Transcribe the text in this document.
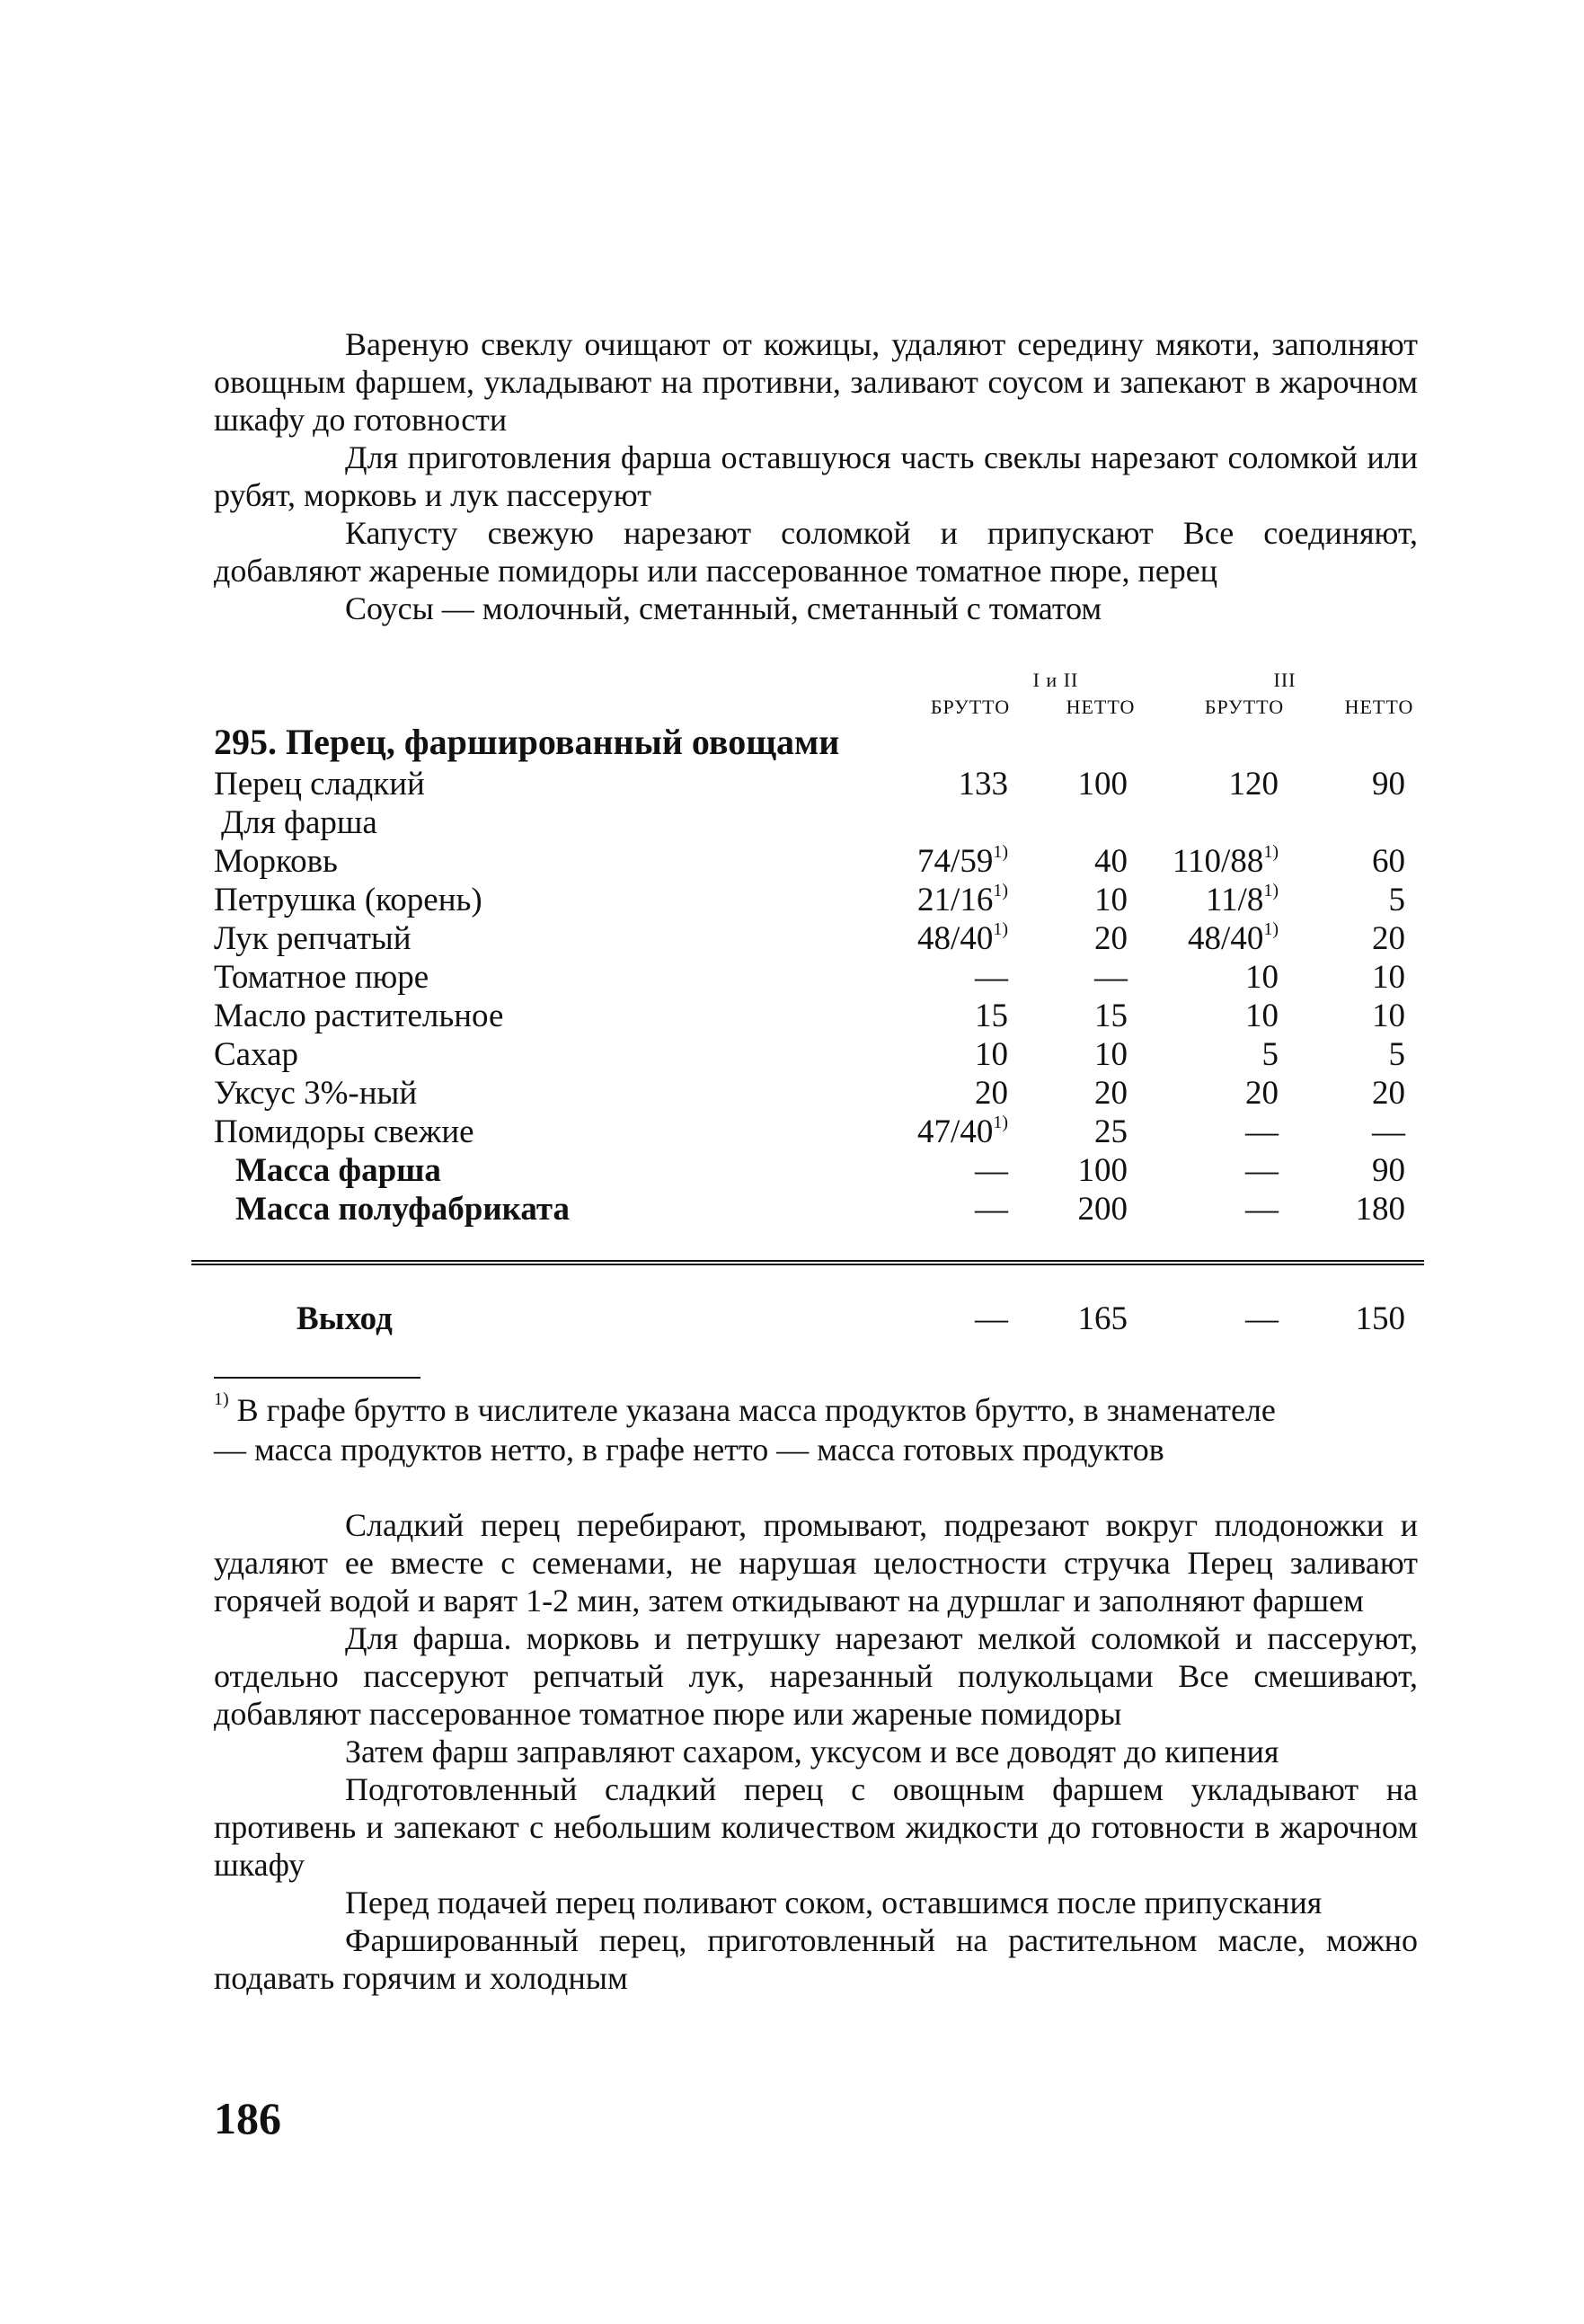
Вареную свеклу очищают от кожицы, удаляют середину мякоти, заполняют овощным фаршем, укладывают на противни, заливают соусом и запекают в жарочном шкафу до готовности

Для приготовления фарша оставшуюся часть свеклы нарезают соломкой или рубят, морковь и лук пассеруют

Капусту свежую нарезают соломкой и припускают Все соединяют, добавляют жареные помидоры или пассерованное томатное пюре, перец

Соусы — молочный, сметанный, сметанный с томатом

I и II	III
БРУТТО	НЕТТО	БРУТТО	НЕТТО
295. Перец, фаршированный овощами
Перец сладкий	133	100	120	90
Для фарша
Морковь	74/59$^{1)}$	40	110/88$^{1)}$	60
Петрушка (корень)	21/16$^{1)}$	10	11/8$^{1)}$	5
Лук репчатый	48/40$^{1)}$	20	48/40$^{1)}$	20
Томатное пюре	—	—	10	10
Масло растительное	15	15	10	10
Сахар	10	10	5	5
Уксус 3%-ный	20	20	20	20
Помидоры свежие	47/40$^{1)}$	25	—	—
Масса фарша	—	100	—	90
Масса полуфабриката	—	200	—	180
Выход	—	165	—	150

$^{1)}$ В графе брутто в числителе указана масса продуктов брутто, в знаменателе

— масса продуктов нетто, в графе нетто — масса готовых продуктов

Сладкий перец перебирают, промывают, подрезают вокруг плодоножки и удаляют ее вместе с семенами, не нарушая целостности стручка Перец заливают горячей водой и варят 1-2 мин, затем откидывают на дуршлаг и заполняют фаршем

Для фарша. морковь и петрушку нарезают мелкой соломкой и пассеруют, отдельно пассеруют репчатый лук, нарезанный полукольцами Все смешивают, добавляют пассерованное томатное пюре или жареные помидоры

Затем фарш заправляют сахаром, уксусом и все доводят до кипения

Подготовленный сладкий перец с овощным фаршем укладывают на противень и запекают с небольшим количеством жидкости до готовности в жарочном шкафу

Перед подачей перец поливают соком, оставшимся после припускания

Фаршированный перец, приготовленный на растительном масле, можно подавать горячим и холодным

186
